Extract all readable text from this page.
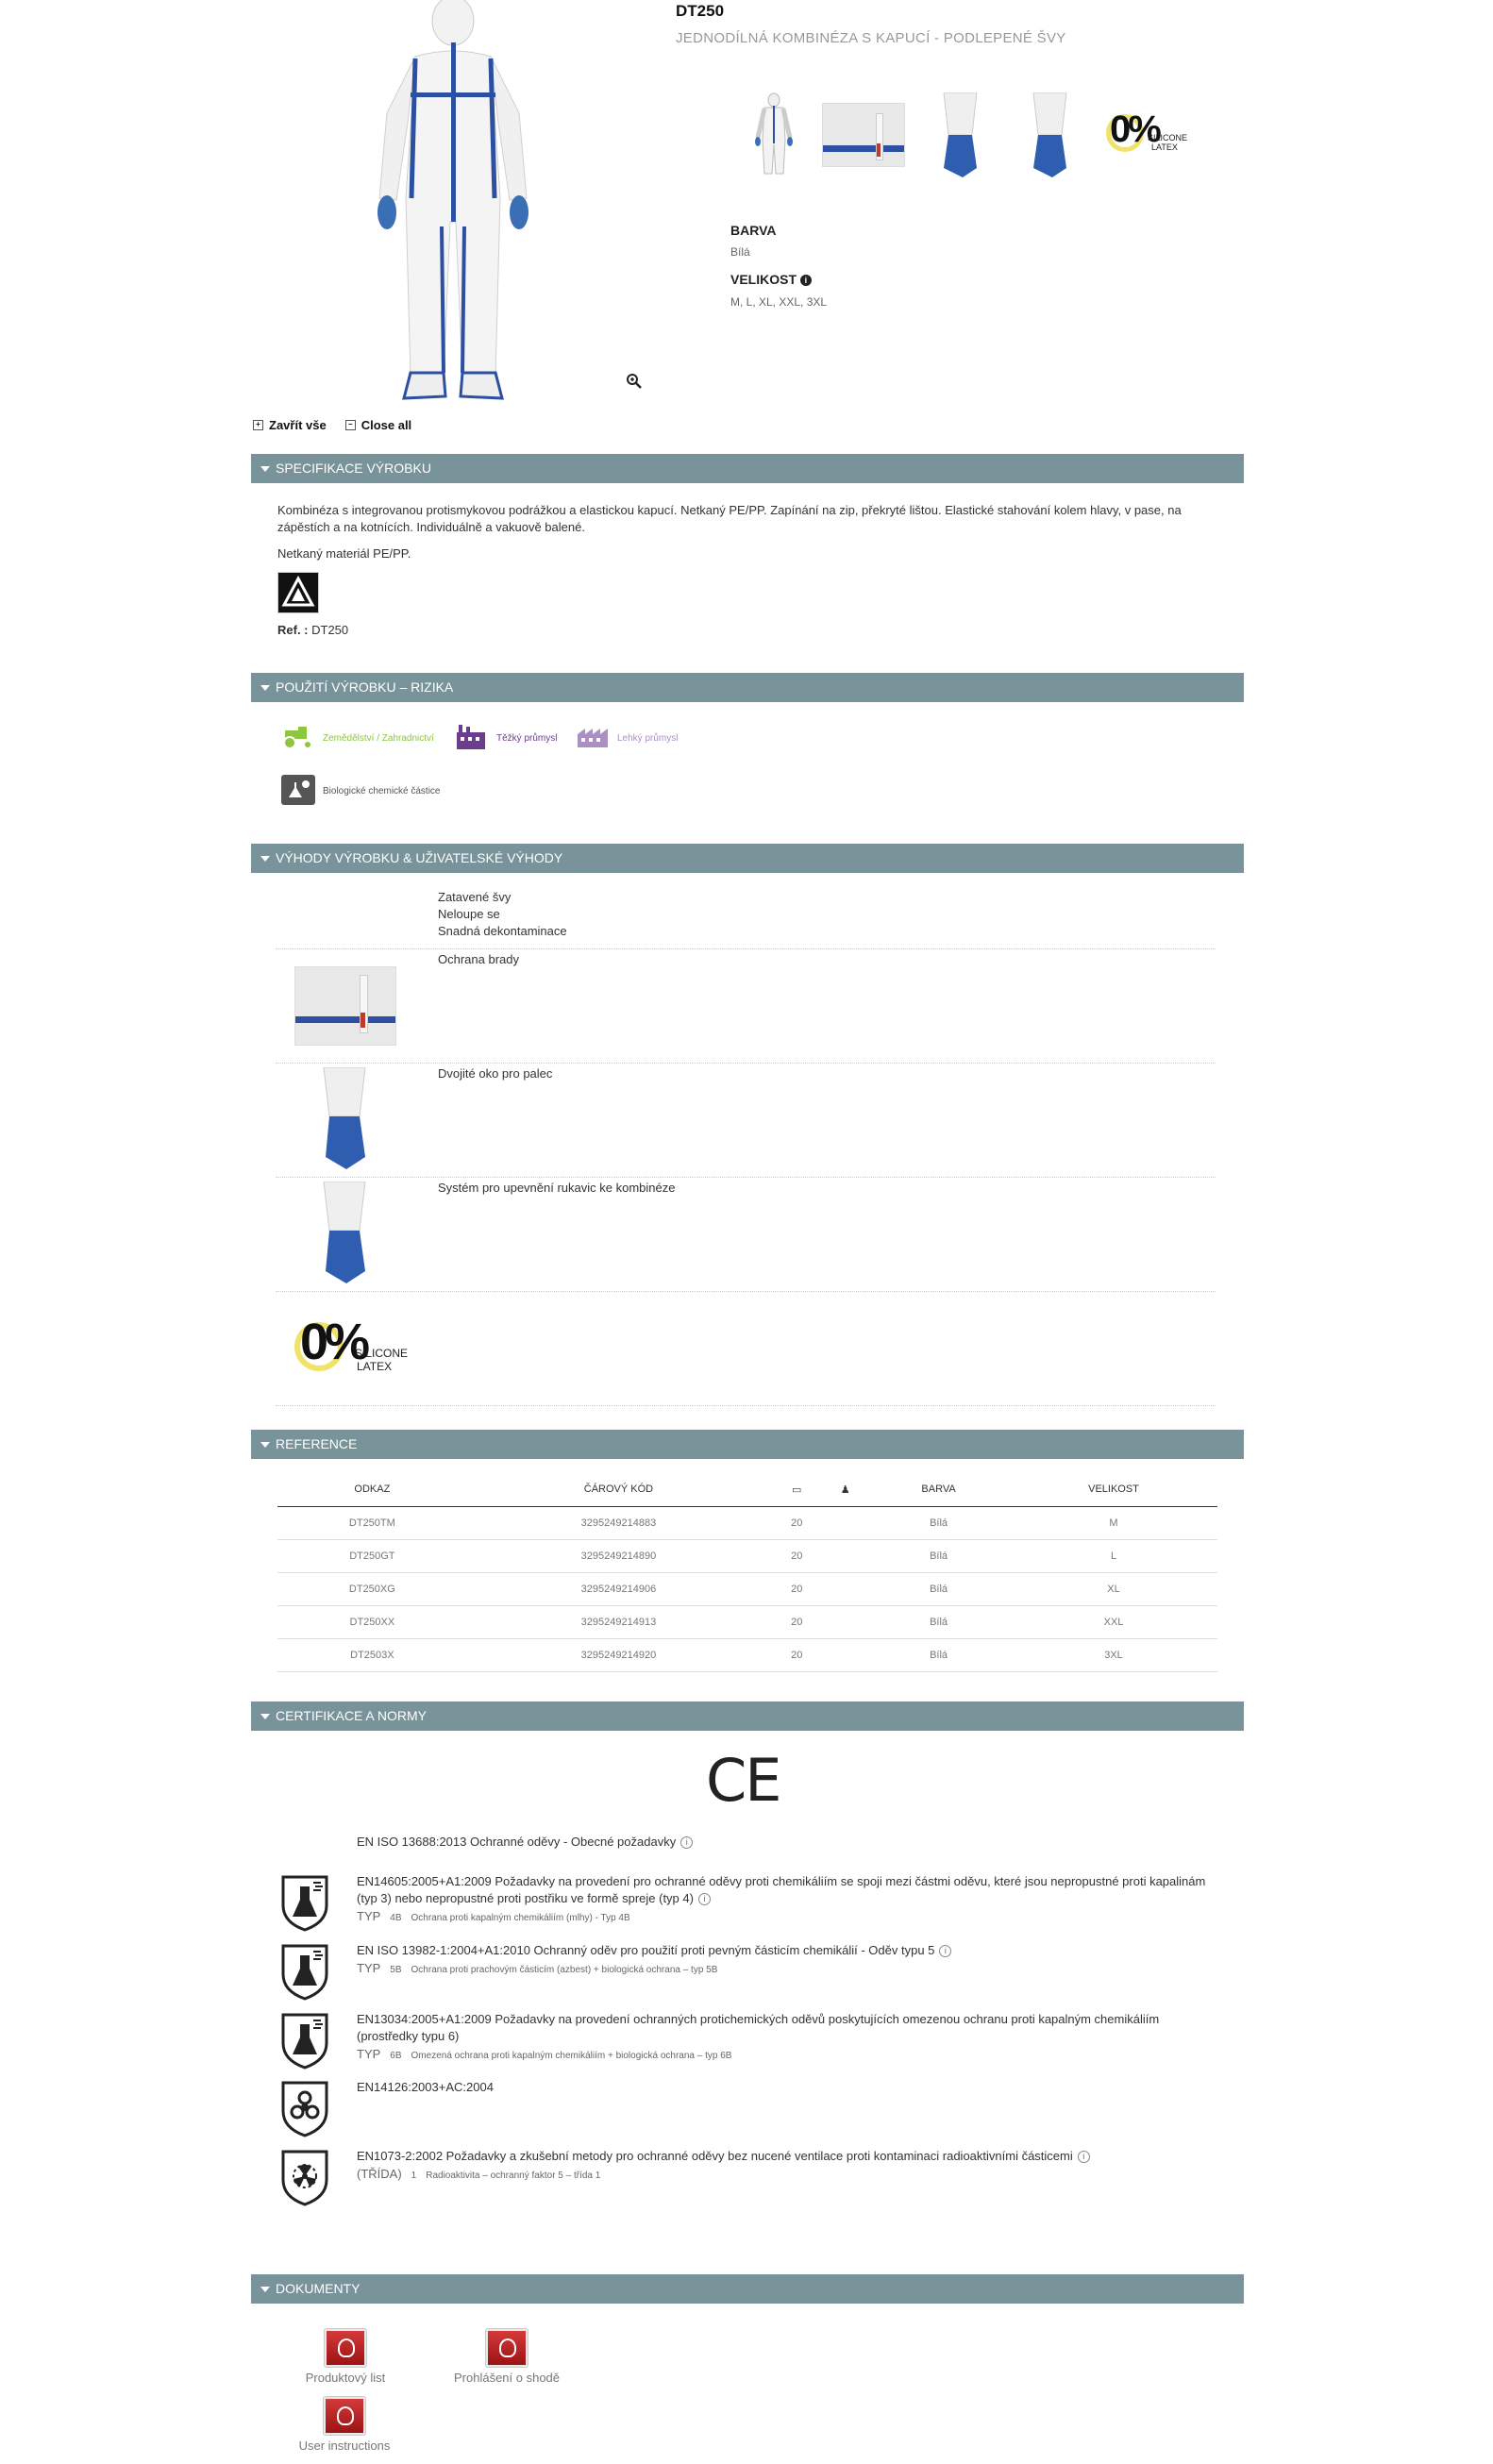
DT250
JEDNODÍLNÁ KOMBINÉZA S KAPUCÍ - PODLEPENÉ ŠVY
0%
SILICONE
LATEX
BARVA
Bílá
VELIKOST i
M, L, XL, XXL, 3XL
+ Zavřít vše	− Close all
SPECIFIKACE VÝROBKU
Kombinéza s integrovanou protismykovou podrážkou a elastickou kapucí. Netkaný PE/PP. Zapínání na zip, překryté lištou. Elastické stahování kolem hlavy, v pase, na zápěstích a na kotnících. Individuálně a vakuově balené.
Netkaný materiál PE/PP.
Ref. : DT250
POUŽITÍ VÝROBKU – RIZIKA
Zemědělství / Zahradnictví	Těžký průmysl	Lehký průmysl
Biologické chemické částice
VÝHODY VÝROBKU & UŽIVATELSKÉ VÝHODY
Zatavené švy
Neloupe se
Snadná dekontaminace
Ochrana brady
Dvojité oko pro palec
Systém pro upevnění rukavic ke kombinéze
0%
SILICONE
LATEX
REFERENCE
ODKAZ	ČÁROVÝ KÓD	▭	♟	BARVA	VELIKOST
DT250TM	3295249214883	20		Bílá	M
DT250GT	3295249214890	20		Bílá	L
DT250XG	3295249214906	20		Bílá	XL
DT250XX	3295249214913	20		Bílá	XXL
DT2503X	3295249214920	20		Bílá	3XL
CERTIFIKACE A NORMY
CE
EN ISO 13688:2013 Ochranné oděvy - Obecné požadavky i
EN14605:2005+A1:2009 Požadavky na provedení pro ochranné oděvy proti chemikáliím se spoji mezi částmi oděvu, které jsou nepropustné proti kapalinám (typ 3) nebo nepropustné proti postřiku ve formě spreje (typ 4) i
TYP 4B Ochrana proti kapalným chemikáliím (mlhy) - Typ 4B
EN ISO 13982-1:2004+A1:2010 Ochranný oděv pro použití proti pevným částicím chemikálií - Oděv typu 5 i
TYP 5B Ochrana proti prachovým částicím (azbest) + biologická ochrana – typ 5B
EN13034:2005+A1:2009 Požadavky na provedení ochranných protichemických oděvů poskytujících omezenou ochranu proti kapalným chemikáliím (prostředky typu 6)
TYP 6B Omezená ochrana proti kapalným chemikáliím + biologická ochrana – typ 6B
EN14126:2003+AC:2004
EN1073-2:2002 Požadavky a zkušební metody pro ochranné oděvy bez nucené ventilace proti kontaminaci radioaktivními částicemi i
(TŘÍDA) 1 Radioaktivita – ochranný faktor 5 – třída 1
DOKUMENTY
Produktový list	Prohlášení o shodě
User instructions
